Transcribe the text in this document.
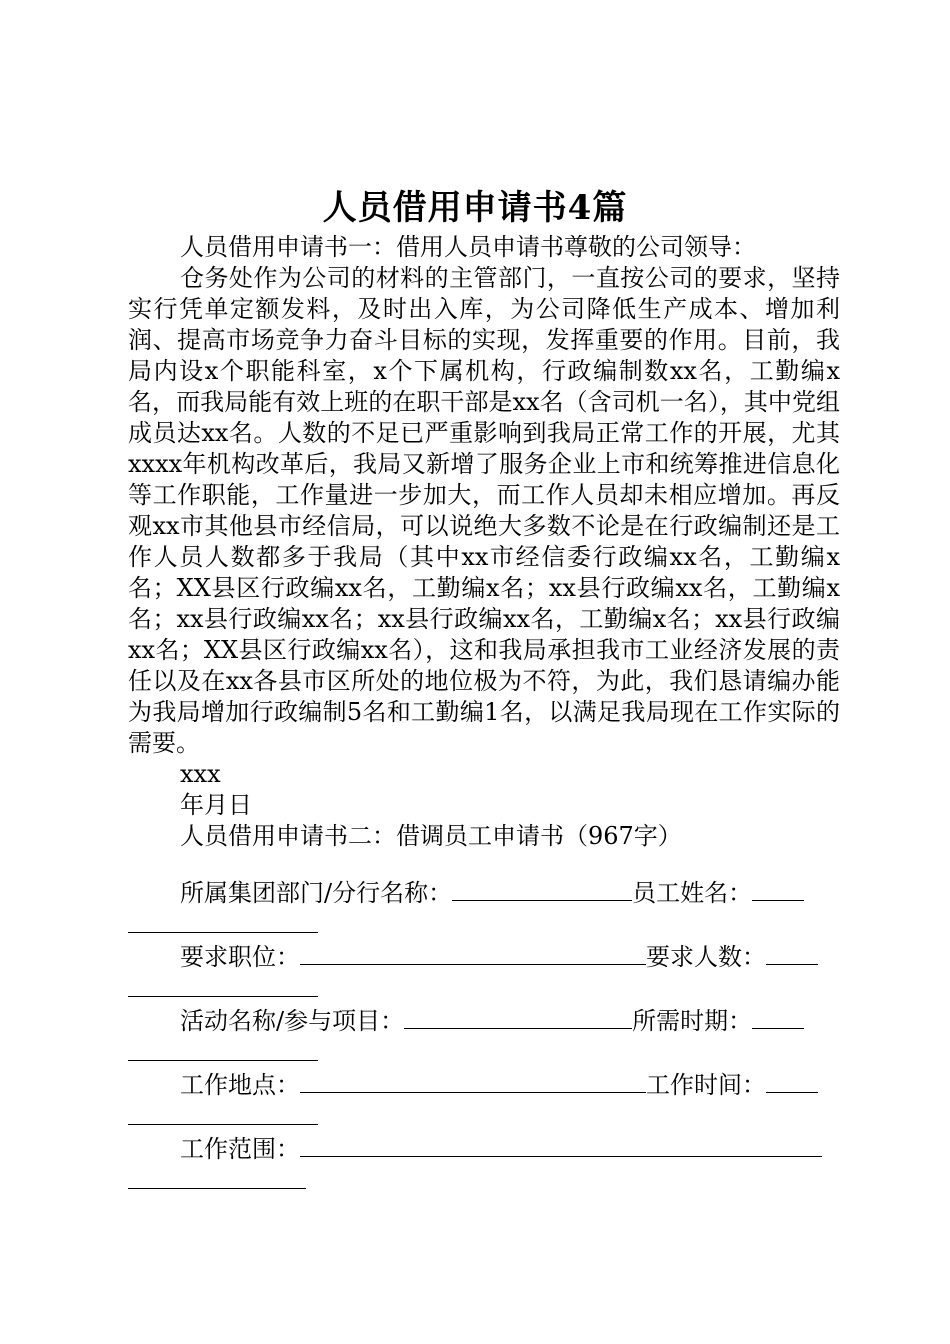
人员借用申请书4篇

人员借用申请书一：借用人员申请书尊敬的公司领导：

仓务处作为公司的材料的主管部门，一直按公司的要求，坚持实行凭单定额发料，及时出入库，为公司降低生产成本、增加利润、提高市场竞争力奋斗目标的实现，发挥重要的作用。目前，我局内设x个职能科室，x个下属机构，行政编制数xx名，工勤编x名，而我局能有效上班的在职干部是xx名（含司机一名），其中党组成员达xx名。人数的不足已严重影响到我局正常工作的开展，尤其xxxx年机构改革后，我局又新增了服务企业上市和统筹推进信息化等工作职能，工作量进一步加大，而工作人员却未相应增加。再反观xx市其他县市经信局，可以说绝大多数不论是在行政编制还是工作人员人数都多于我局（其中xx市经信委行政编xx名，工勤编x名；XX县区行政编xx名，工勤编x名；xx县行政编xx名，工勤编x名；xx县行政编xx名；xx县行政编xx名，工勤编x名；xx县行政编xx名；XX县区行政编xx名），这和我局承担我市工业经济发展的责任以及在xx各县市区所处的地位极为不符，为此，我们恳请编办能为我局增加行政编制5名和工勤编1名，以满足我局现在工作实际的需要。

xxx

年月日

人员借用申请书二：借调员工申请书（967字）

所属集团部门/分行名称：	员工姓名：
要求职位：	要求人数：
活动名称/参与项目：	所需时期：
工作地点：	工作时间：
工作范围：
